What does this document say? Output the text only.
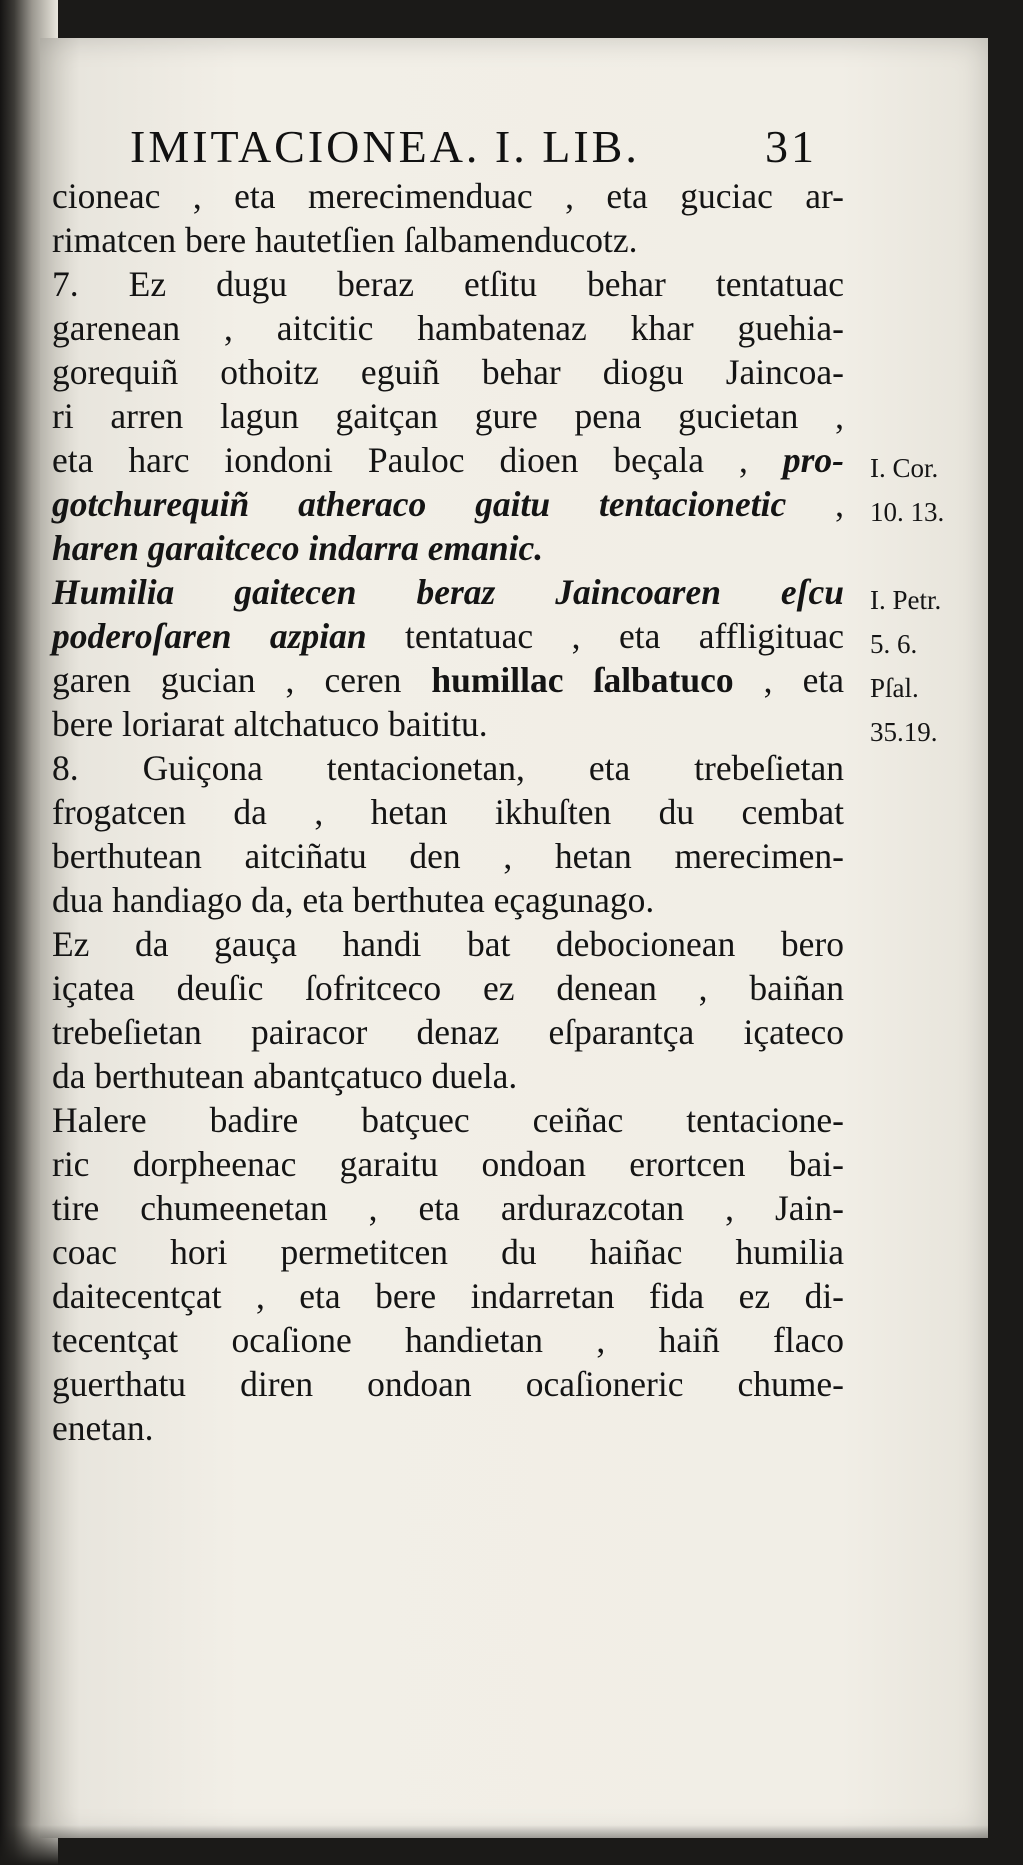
IMITACIONEA. I. LIB.	31
cioneac , eta merecimenduac , eta guciac ar-
rimatcen bere hautetſien ſalbamenducotz.
7. Ez dugu beraz etſitu behar tentatuac
garenean , aitcitic hambatenaz khar guehia-
gorequiñ othoitz eguiñ behar diogu Jaincoa-
ri arren lagun gaitçan gure pena gucietan ,
eta harc iondoni Pauloc dioen beçala , pro-
gotchurequiñ atheraco gaitu tentacionetic ,
haren garaitceco indarra emanic.
Humilia gaitecen beraz Jaincoaren eſcu
poderoſaren azpian tentatuac , eta affligituac
garen gucian , ceren humillac ſalbatuco , eta
bere loriarat altchatuco baititu.
8. Guiçona tentacionetan, eta trebeſietan
frogatcen da , hetan ikhuſten du cembat
berthutean aitciñatu den , hetan merecimen-
dua handiago da, eta berthutea eçagunago.
Ez da gauça handi bat debocionean bero
içatea deuſic ſofritceco ez denean , baiñan
trebeſietan pairacor denaz eſparantça içateco
da berthutean abantçatuco duela.
Halere badire batçuec ceiñac tentacione-
ric dorpheenac garaitu ondoan erortcen bai-
tire chumeenetan , eta ardurazcotan , Jain-
coac hori permetitcen du haiñac humilia
daitecentçat , eta bere indarretan fida ez di-
tecentçat ocaſione handietan , haiñ flaco
guerthatu diren ondoan ocaſioneric chume-
enetan.
I. Cor.
10. 13.
I. Petr.
5. 6.
Pſal.
35.19.
